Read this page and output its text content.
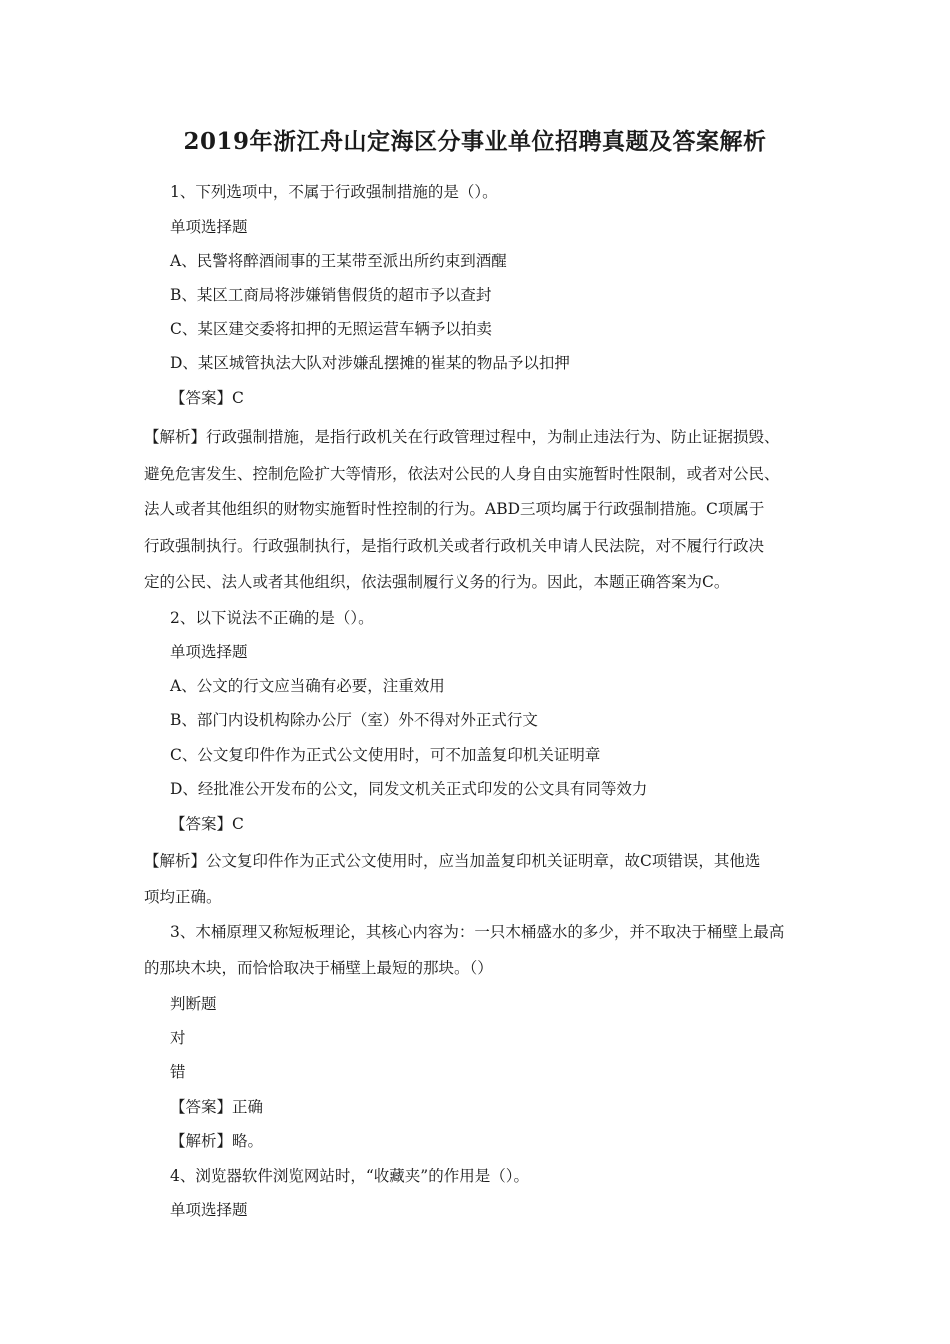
2019年浙江舟山定海区分事业单位招聘真题及答案解析
1、下列选项中，不属于行政强制措施的是（）。
单项选择题
A、民警将醉酒闹事的王某带至派出所约束到酒醒
B、某区工商局将涉嫌销售假货的超市予以查封
C、某区建交委将扣押的无照运营车辆予以拍卖
D、某区城管执法大队对涉嫌乱摆摊的崔某的物品予以扣押
【答案】C
【解析】行政强制措施，是指行政机关在行政管理过程中，为制止违法行为、防止证据损毁、
避免危害发生、控制危险扩大等情形，依法对公民的人身自由实施暂时性限制，或者对公民、
法人或者其他组织的财物实施暂时性控制的行为。ABD三项均属于行政强制措施。C项属于
行政强制执行。行政强制执行，是指行政机关或者行政机关申请人民法院，对不履行行政决
定的公民、法人或者其他组织，依法强制履行义务的行为。因此，本题正确答案为C。
2、以下说法不正确的是（）。
单项选择题
A、公文的行文应当确有必要，注重效用
B、部门内设机构除办公厅（室）外不得对外正式行文
C、公文复印件作为正式公文使用时，可不加盖复印机关证明章
D、经批准公开发布的公文，同发文机关正式印发的公文具有同等效力
【答案】C
【解析】公文复印件作为正式公文使用时，应当加盖复印机关证明章，故C项错误，其他选
项均正确。
3、木桶原理又称短板理论，其核心内容为：一只木桶盛水的多少，并不取决于桶壁上最高
的那块木块，而恰恰取决于桶壁上最短的那块。（）
判断题
对
错
【答案】正确
【解析】略。
4、浏览器软件浏览网站时，“收藏夹”的作用是（）。
单项选择题
